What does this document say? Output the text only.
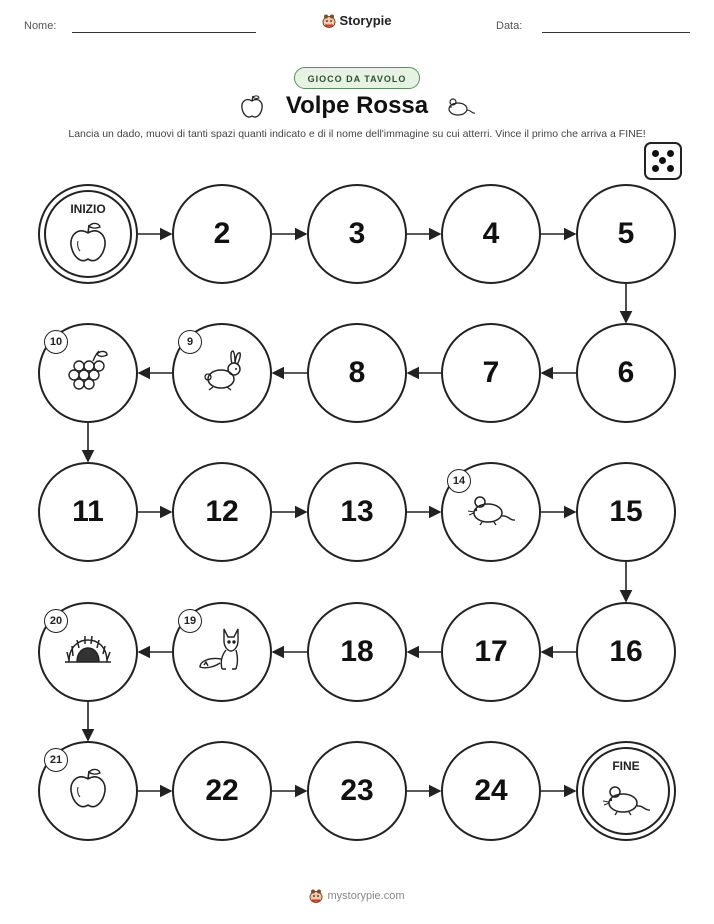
Nome:	Storypie	Data:
GIOCO DA TAVOLO
Volpe Rossa
Lancia un dado, muovi di tanti spazi quanti indicato e di il nome dell'immagine su cui atterri. Vince il primo che arriva a FINE!
INIZIO
2	3	4	5
6
7
8
9
10
11	12	13
14
15
16
17
18
19
20
21
22	23	24
FINE
mystorypie.com
